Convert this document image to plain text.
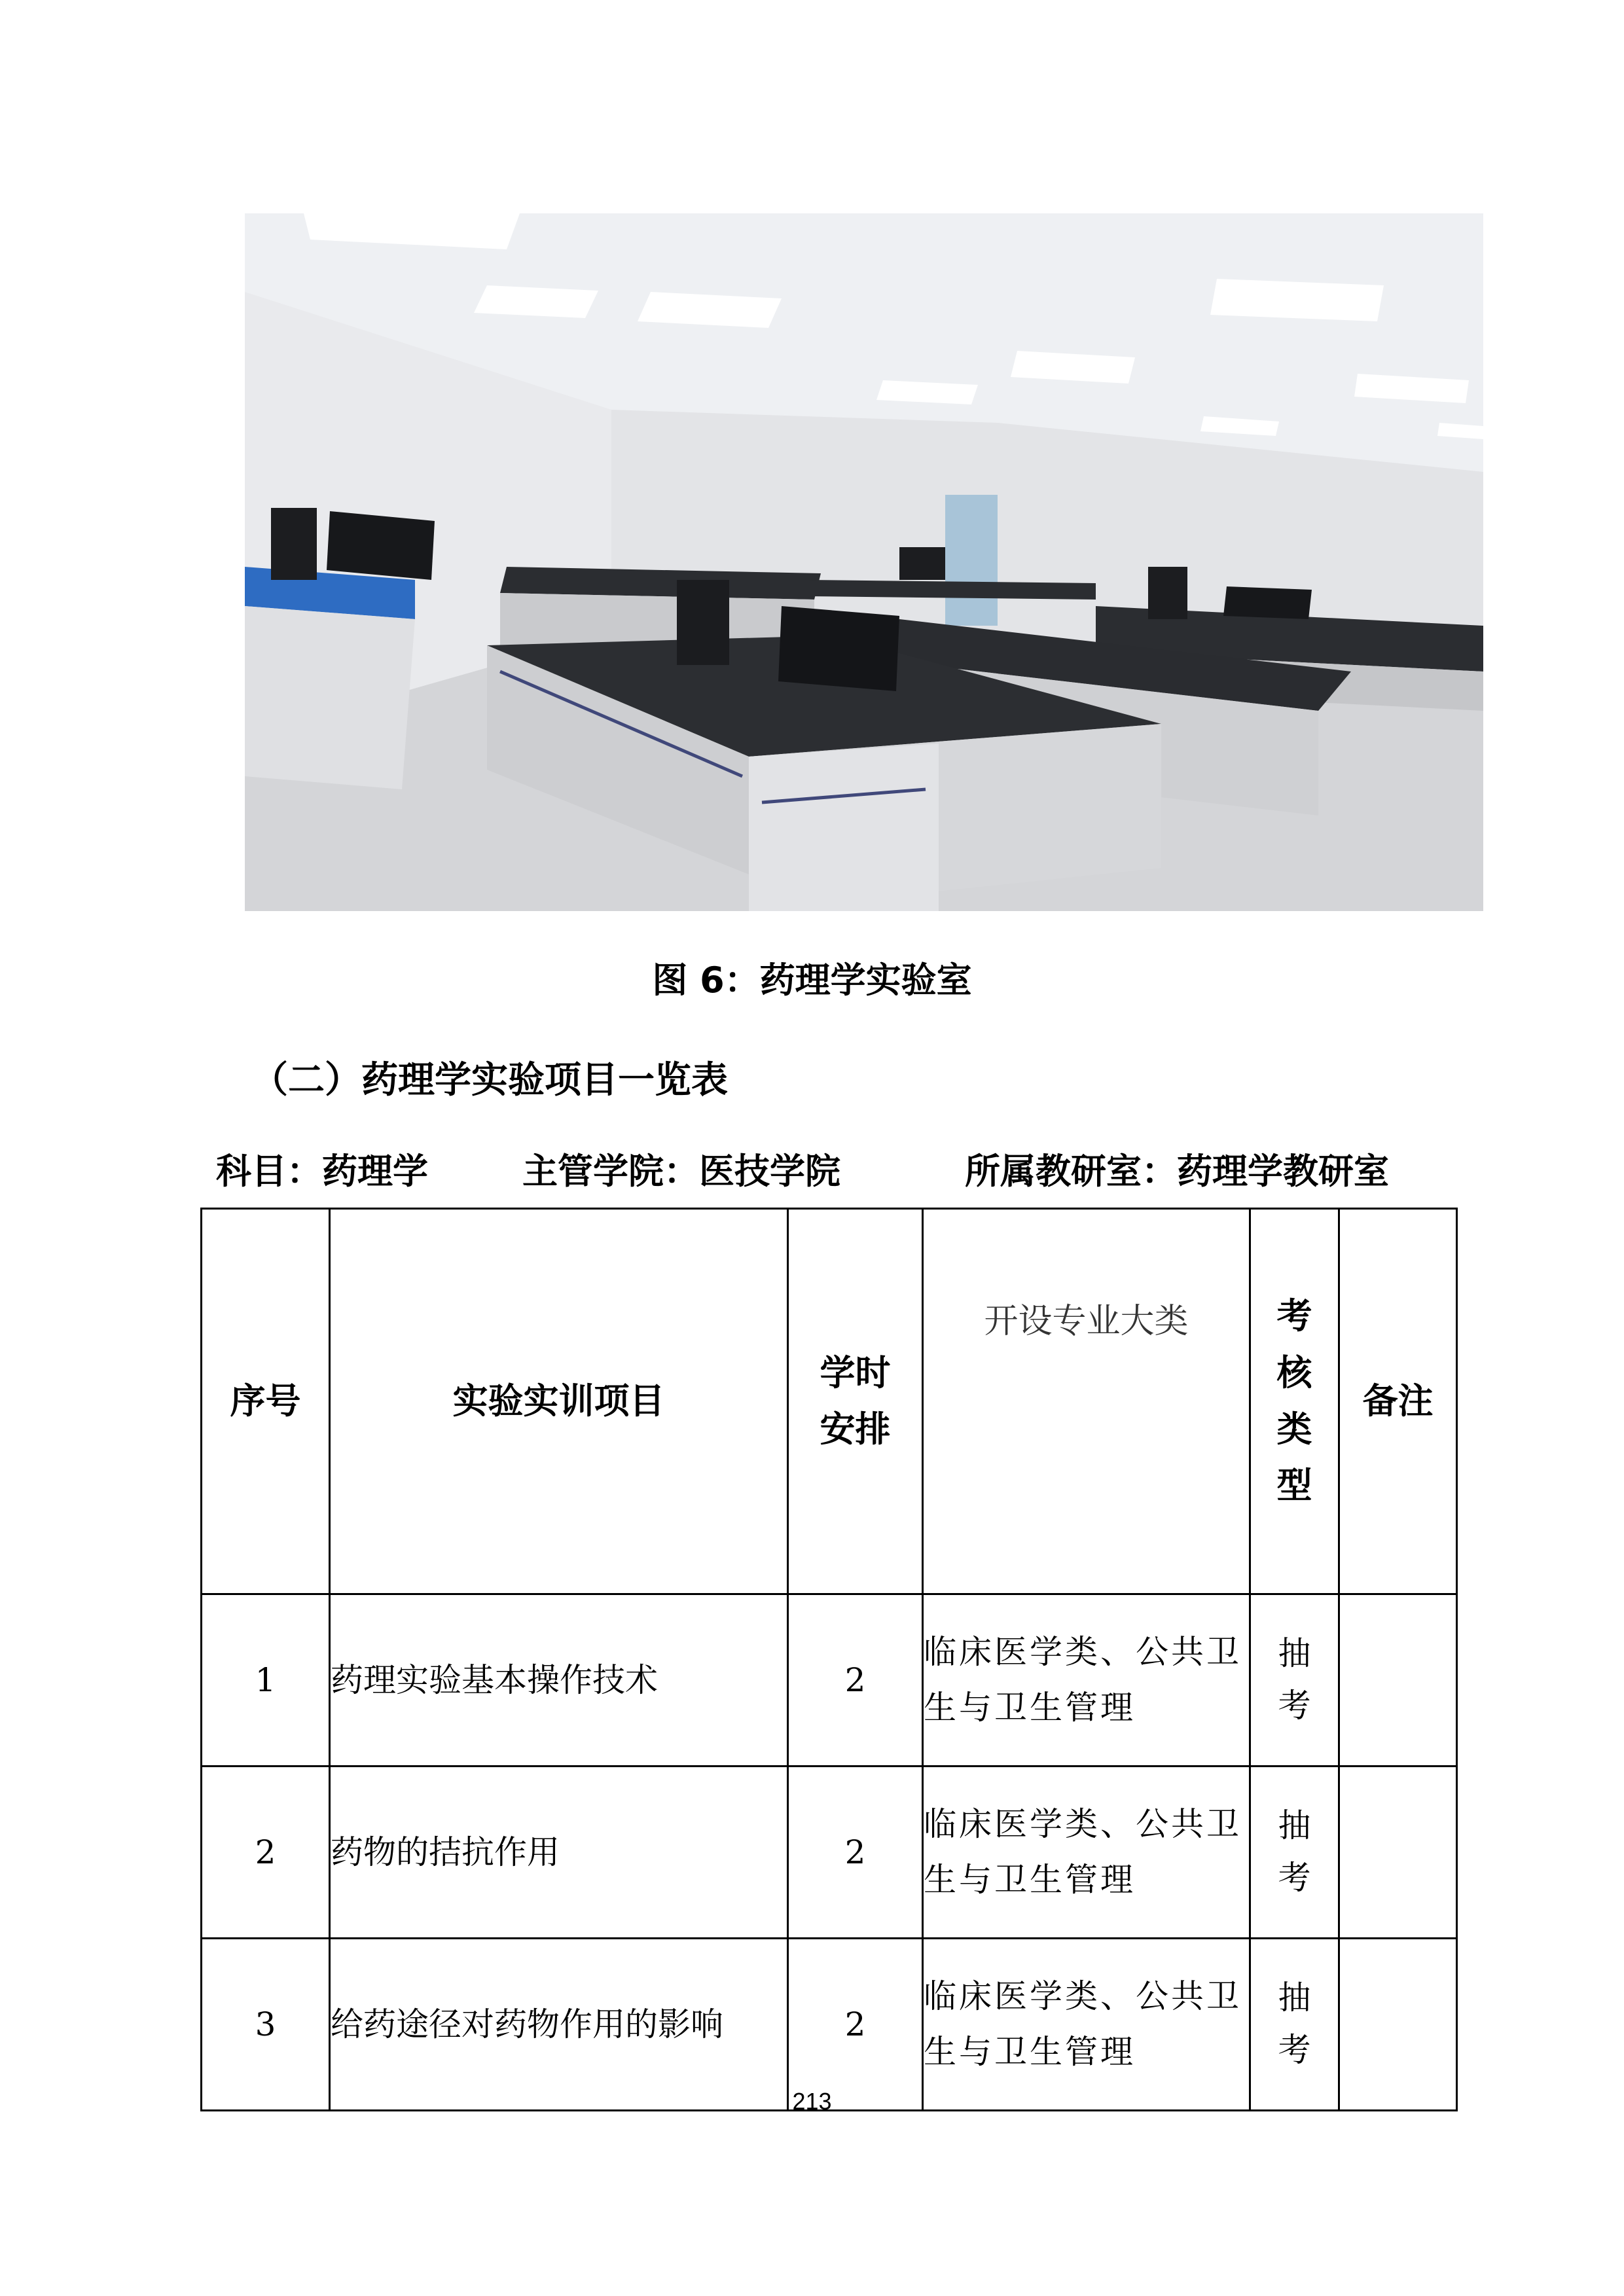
图 6：药理学实验室
（二）药理学实验项目一览表
科目：药理学	主管学院：医技学院	所属教研室：药理学教研室
序号	实验实训项目	学时安排	开设专业大类	考核类型	备注
1	药理实验基本操作技术	2	临床医学类、公共卫生与卫生管理	抽考	
2	药物的拮抗作用	2	临床医学类、公共卫生与卫生管理	抽考	
3	给药途径对药物作用的影响	2	临床医学类、公共卫生与卫生管理	抽考	
213
